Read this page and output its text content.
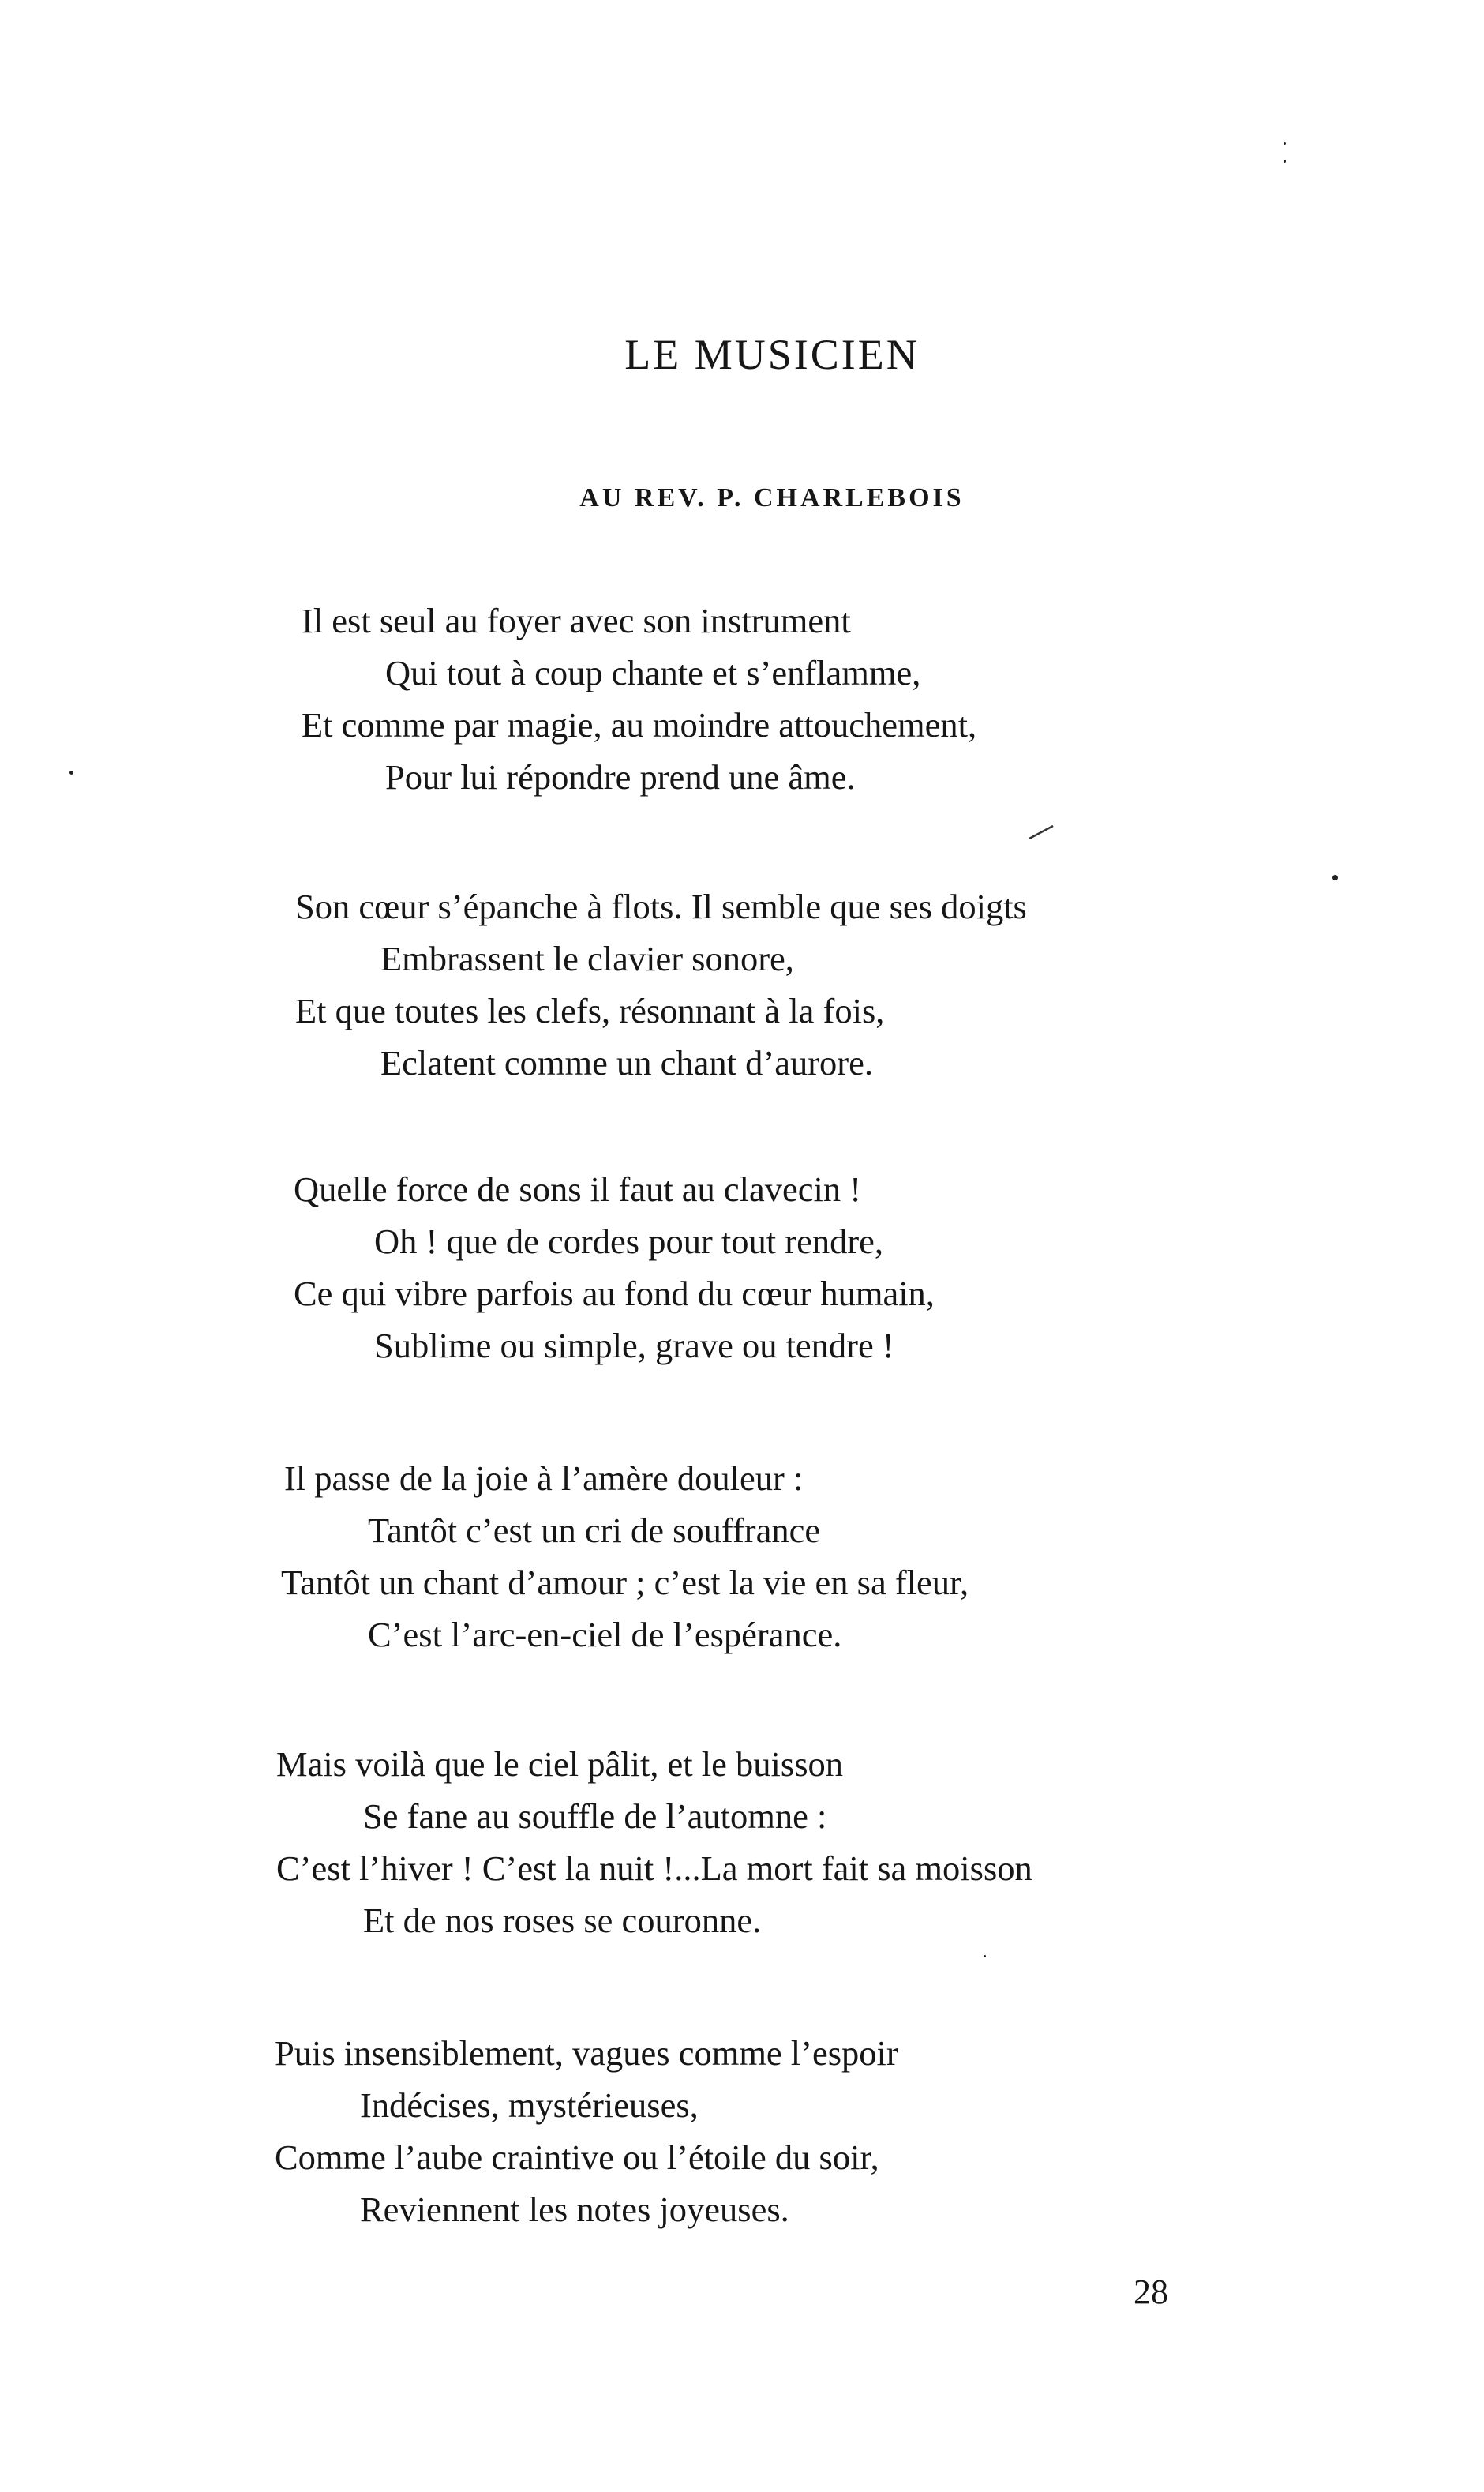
LE MUSICIEN
AU REV. P. CHARLEBOIS
Il est seul au foyer avec son instrument
Qui tout à coup chante et s’enflamme,
Et comme par magie, au moindre attouchement,
Pour lui répondre prend une âme.
Son cœur s’épanche à flots. Il semble que ses doigts
Embrassent le clavier sonore,
Et que toutes les clefs, résonnant à la fois,
Eclatent comme un chant d’aurore.
Quelle force de sons il faut au clavecin !
Oh ! que de cordes pour tout rendre,
Ce qui vibre parfois au fond du cœur humain,
Sublime ou simple, grave ou tendre !
Il passe de la joie à l’amère douleur :
Tantôt c’est un cri de souffrance
Tantôt un chant d’amour ; c’est la vie en sa fleur,
C’est l’arc-en-ciel de l’espérance.
Mais voilà que le ciel pâlit, et le buisson
Se fane au souffle de l’automne :
C’est l’hiver ! C’est la nuit !...La mort fait sa moisson
Et de nos roses se couronne.
Puis insensiblement, vagues comme l’espoir
Indécises, mystérieuses,
Comme l’aube craintive ou l’étoile du soir,
Reviennent les notes joyeuses.
28
